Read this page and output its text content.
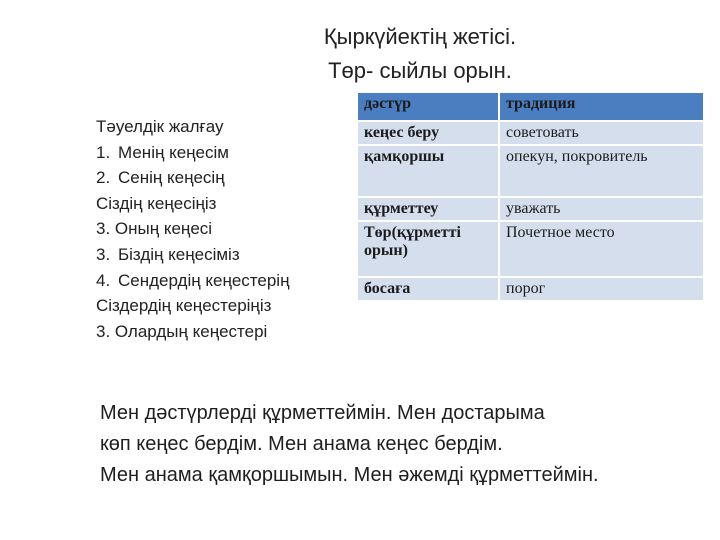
Қыркүйектің жетісі.
Төр- сыйлы орын.
Тәуелдік жалғау
1. Менің кеңесім
2. Сенің кеңесің
Сіздің кеңесіңіз
3. Оның кеңесі
3. Біздің кеңесіміз
4. Сендердің кеңестерің
Сіздердің кеңестеріңіз
3. Олардың кеңестері
дәстүр	традиция
кеңес беру	советовать
қамқоршы	опекун, покровитель
құрметтеу	уважать
Төр(құрметті орын)	Почетное место
босаға	порог
Мен дәстүрлерді құрметтеймін. Мен достарыма
көп кеңес бердім. Мен анама кеңес бердім.
Мен анама қамқоршымын. Мен әжемді құрметтеймін.
